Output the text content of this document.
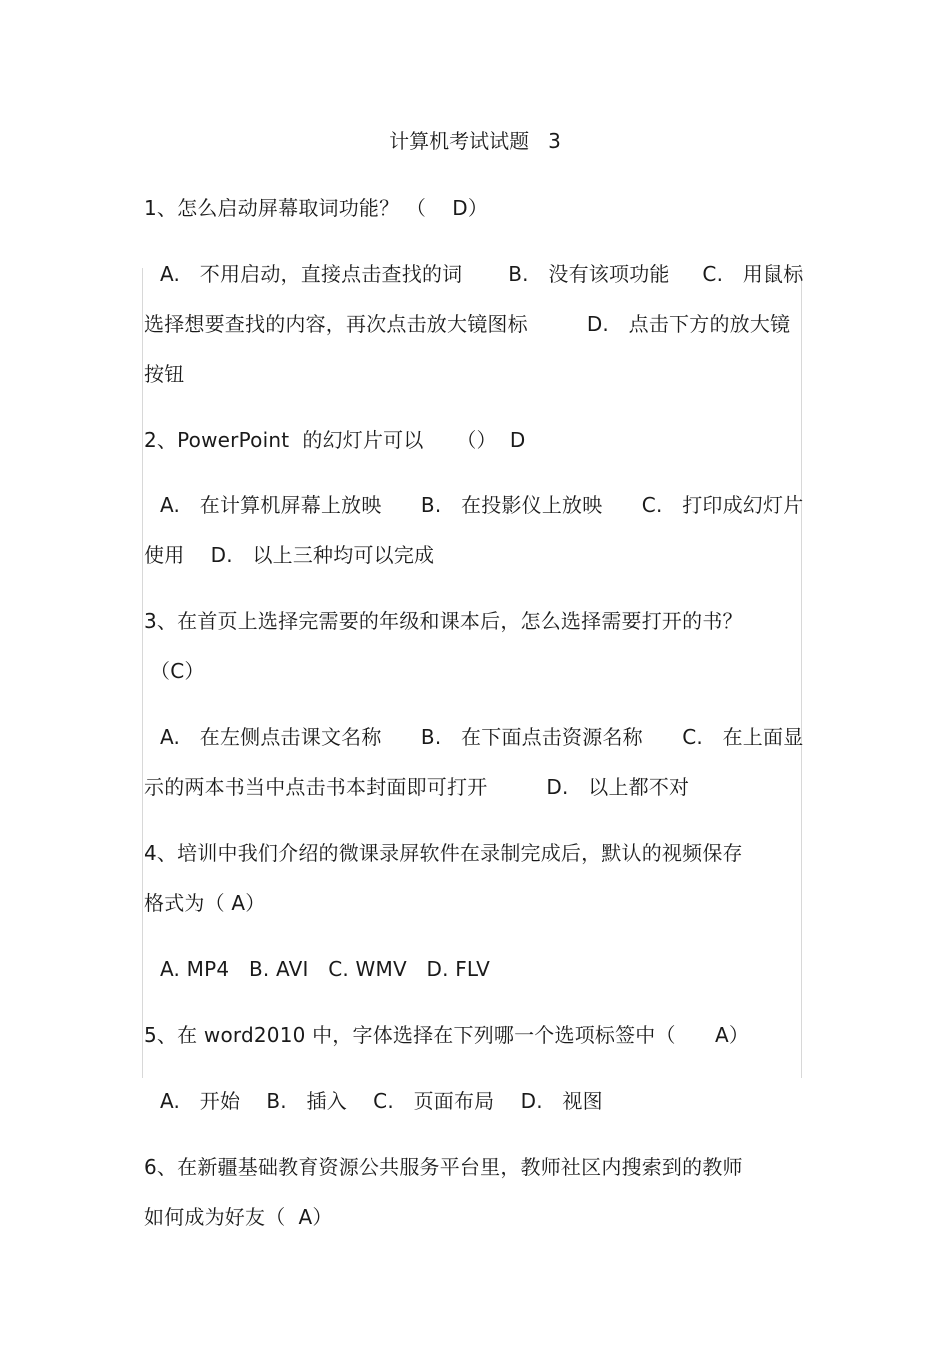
计算机考试试题   3
1、怎么启动屏幕取词功能？ （    D）
A.   不用启动，直接点击查找的词       B.   没有该项功能     C.   用鼠标
选择想要查找的内容，再次点击放大镜图标         D.   点击下方的放大镜
按钮
2、PowerPoint  的幻灯片可以     （）  D
A.   在计算机屏幕上放映      B.   在投影仪上放映      C.   打印成幻灯片
使用    D.   以上三种均可以完成
3、在首页上选择完需要的年级和课本后，怎么选择需要打开的书？
（C）
A.   在左侧点击课文名称      B.   在下面点击资源名称      C.   在上面显
示的两本书当中点击书本封面即可打开         D.   以上都不对
4、培训中我们介绍的微课录屏软件在录制完成后，默认的视频保存
格式为（ A）
A. MP4   B. AVI   C. WMV   D. FLV
5、在 word2010 中，字体选择在下列哪一个选项标签中（      A）
A.   开始    B.   插入    C.   页面布局    D.   视图
6、在新疆基础教育资源公共服务平台里，教师社区内搜索到的教师
如何成为好友（  A）
